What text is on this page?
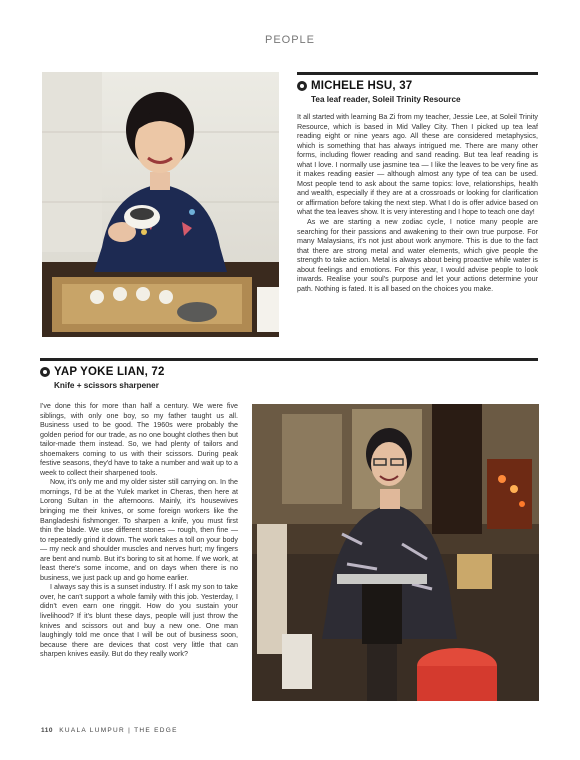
PEOPLE
MICHELE HSU, 37
Tea leaf reader, Soleil Trinity Resource

It all started with learning Ba Zi from my teacher, Jessie Lee, at Soleil Trinity Resource, which is based in Mid Valley City. Then I picked up tea leaf reading eight or nine years ago. All these are considered metaphysics, which is something that has always intrigued me. There are many other forms, including flower reading and sand reading. But tea leaf reading is what I love. I normally use jasmine tea — I like the leaves to be very fine as it makes reading easier — although almost any type of tea can be used. Most people tend to ask about the same topics: love, relationships, health and wealth, especially if they are at a crossroads or looking for clarification or affirmation before taking the next step. What I do is offer advice based on what the tea leaves show. It is very interesting and I hope to teach one day!

As we are starting a new zodiac cycle, I notice many people are searching for their passions and awakening to their own true purpose. For many Malaysians, it's not just about work anymore. This is due to the fact that there are strong metal and water elements, which give people the strength to take action. Metal is always about being proactive while water is about feelings and emotions. For this year, I would advise people to look inwards. Realise your soul's purpose and let your actions determine your path. Nothing is fated. It is all based on the choices you make.

YAP YOKE LIAN, 72
Knife + scissors sharpener

I've done this for more than half a century. We were five siblings, with only one boy, so my father taught us all. Business used to be good. The 1960s were probably the golden period for our trade, as no one bought clothes then but tailor-made them instead. So, we had plenty of tailors and shoemakers coming to us with their scissors. During peak festive seasons, they'd have to take a number and wait up to a week to collect their sharpened tools.

Now, it's only me and my older sister still carrying on. In the mornings, I'd be at the Yulek market in Cheras, then here at Lorong Sultan in the afternoons. Mainly, it's housewives bringing me their knives, or some foreign workers like the Bangladeshi fishmonger. To sharpen a knife, you must first thin the blade. We use different stones — rough, then fine — to repeatedly grind it down. The work takes a toll on your body — my neck and shoulder muscles and nerves hurt; my fingers are bent and numb. But it's boring to sit at home. If we work, at least there's some income, and on days when there is no business, we just pack up and go home earlier.

I always say this is a sunset industry. If I ask my son to take over, he can't support a whole family with this job. Yesterday, I didn't even earn one ringgit. How do you sustain your livelihood? If it's blunt these days, people will just throw the knives and scissors out and buy a new one. One man laughingly told me once that I will be out of business soon, because there are devices that cost very little that can sharpen knives easily. But do they really work?

110 KUALA LUMPUR | THE EDGE
